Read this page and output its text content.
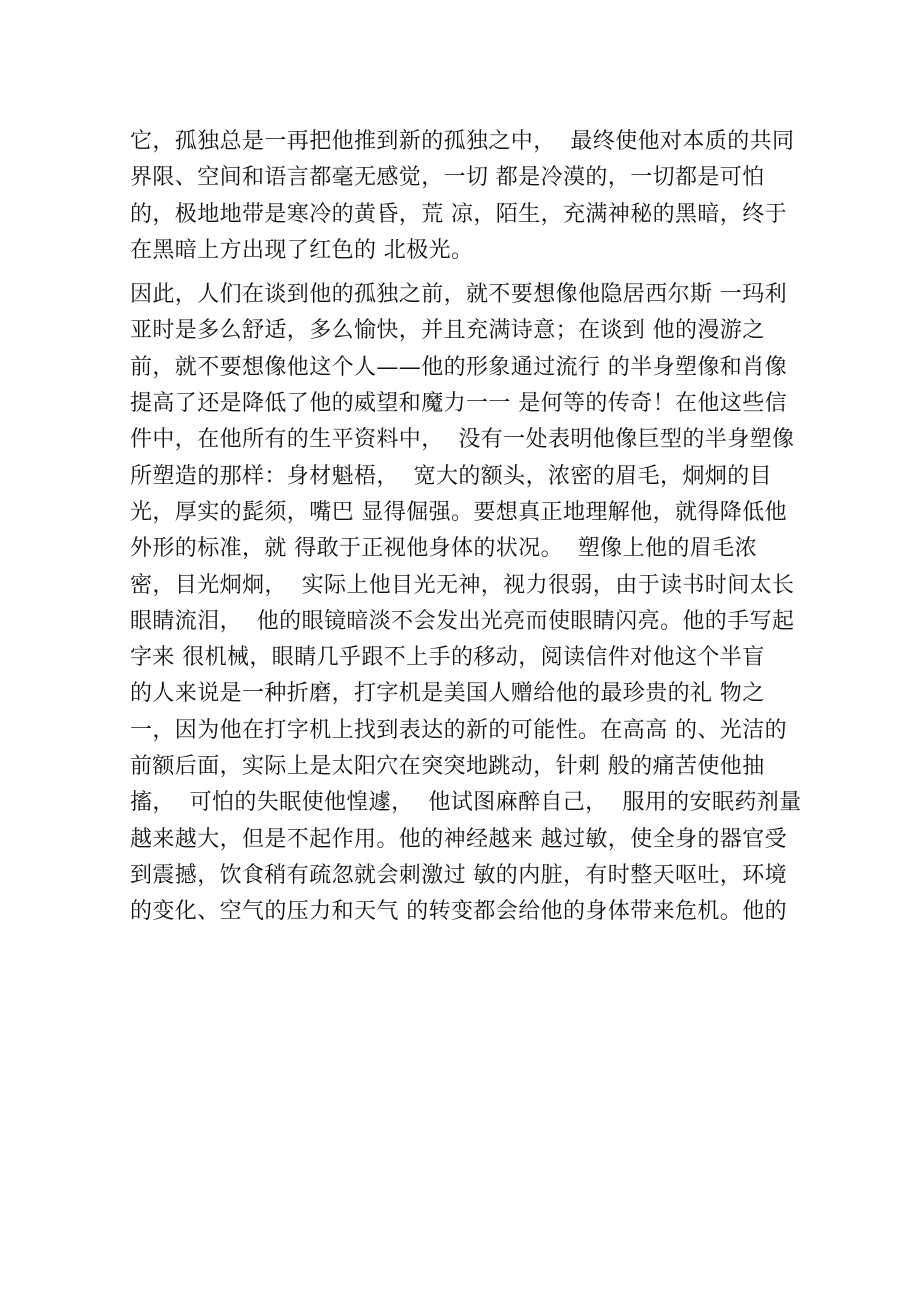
它，孤独总是一再把他推到新的孤独之中，  最终使他对本质的共同
界限、空间和语言都毫无感觉，一切 都是冷漠的，一切都是可怕
的，极地地带是寒冷的黄昏，荒 凉，陌生，充满神秘的黑暗，终于
在黑暗上方出现了红色的 北极光。
因此，人们在谈到他的孤独之前，就不要想像他隐居西尔斯 一玛利
亚时是多么舒适，多么愉快，并且充满诗意；在谈到 他的漫游之
前，就不要想像他这个人——他的形象通过流行 的半身塑像和肖像
提高了还是降低了他的威望和魔力一一 是何等的传奇！在他这些信
件中，在他所有的生平资料中，  没有一处表明他像巨型的半身塑像
所塑造的那样：身材魁梧，  宽大的额头，浓密的眉毛，炯炯的目
光，厚实的髭须，嘴巴 显得倔强。要想真正地理解他，就得降低他
外形的标准，就 得敢于正视他身体的状况。  塑像上他的眉毛浓
密，目光炯炯，  实际上他目光无神，视力很弱，由于读书时间太长
眼睛流泪，  他的眼镜暗淡不会发出光亮而使眼睛闪亮。他的手写起
字来 很机械，眼睛几乎跟不上手的移动，阅读信件对他这个半盲
的人来说是一种折磨，打字机是美国人赠给他的最珍贵的礼 物之
一，因为他在打字机上找到表达的新的可能性。在高高 的、光洁的
前额后面，实际上是太阳穴在突突地跳动，针刺 般的痛苦使他抽
搐，  可怕的失眠使他惶遽，  他试图麻醉自己，  服用的安眠药剂量
越来越大，但是不起作用。他的神经越来 越过敏，使全身的器官受
到震撼，饮食稍有疏忽就会刺激过 敏的内脏，有时整天呕吐，环境
的变化、空气的压力和天气 的转变都会给他的身体带来危机。他的
